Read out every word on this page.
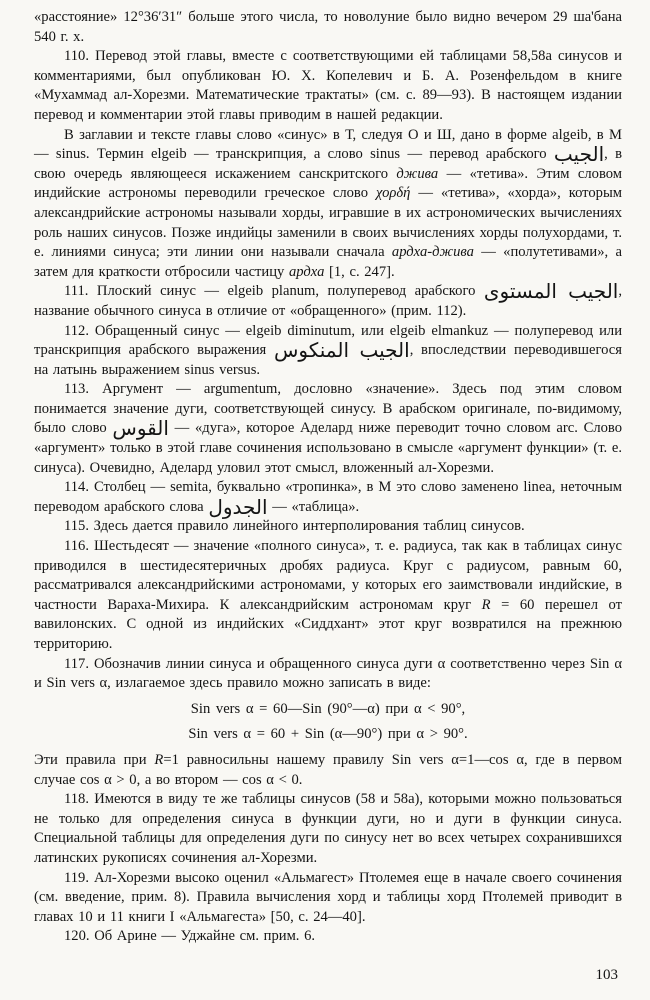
«расстояние» 12°36′31″ больше этого числа, то новолуние было видно вечером 29 ша'бана 540 г. х.

110. Перевод этой главы, вместе с соответствующими ей таблицами 58,58а синусов и комментариями, был опубликован Ю. Х. Копелевич и Б. А. Розенфельдом в книге «Мухаммад ал-Хорезми. Математические трактаты» (см. с. 89—93). В настоящем издании перевод и комментарии этой главы приводим в нашей редакции.

В заглавии и тексте главы слово «синус» в Т, следуя О и Ш, дано в форме algeib, в М — sinus. Термин elgeib — транскрипция, а слово sinus — перевод арабского الجيب, в свою очередь являющееся искажением санскритского джива — «тетива». Этим словом индийские астрономы переводили греческое слово χορδή — «тетива», «хорда», которым александрийские астрономы называли хорды, игравшие в их астрономических вычислениях роль наших синусов. Позже индийцы заменили в своих вычислениях хорды полухордами, т. е. линиями синуса; эти линии они называли сначала ардха-джива — «полутетивами», а затем для краткости отбросили частицу ардха [1, с. 247].

111. Плоский синус — elgeib planum, полуперевод арабского الجيب المستوى, название обычного синуса в отличие от «обращенного» (прим. 112).

112. Обращенный синус — elgeib diminutum, или elgeib elmankuz — полуперевод или транскрипция арабского выражения الجيب المنكوس, впоследствии переводившегося на латынь выражением sinus versus.

113. Аргумент — argumentum, дословно «значение». Здесь под этим словом понимается значение дуги, соответствующей синусу. В арабском оригинале, по-видимому, было слово القوس — «дуга», которое Аделард ниже переводит точно словом arc. Слово «аргумент» только в этой главе сочинения использовано в смысле «аргумент функции» (т. е. синуса). Очевидно, Аделард уловил этот смысл, вложенный ал-Хорезми.

114. Столбец — semita, буквально «тропинка», в М это слово заменено linea, неточным переводом арабского слова الجدول — «таблица».

115. Здесь дается правило линейного интерполирования таблиц синусов.

116. Шестьдесят — значение «полного синуса», т. е. радиуса, так как в таблицах синус приводился в шестидесятеричных дробях радиуса. Круг с радиусом, равным 60, рассматривался александрийскими астрономами, у которых его заимствовали индийские, в частности Вараха-Михира. К александрийским астрономам круг R = 60 перешел от вавилонских. С одной из индийских «Сиддхант» этот круг возвратился на прежнюю территорию.

117. Обозначив линии синуса и обращенного синуса дуги α соответственно через Sin α и Sin vers α, излагаемое здесь правило можно записать в виде:

Sin vers α = 60—Sin (90°—α) при α < 90°,

Sin vers α = 60 + Sin (α—90°) при α > 90°.

Эти правила при R=1 равносильны нашему правилу Sin vers α=1—cos α, где в первом случае cos α > 0, а во втором — cos α < 0.

118. Имеются в виду те же таблицы синусов (58 и 58а), которыми можно пользоваться не только для определения синуса в функции дуги, но и дуги в функции синуса. Специальной таблицы для определения дуги по синусу нет во всех четырех сохранившихся латинских рукописях сочинения ал-Хорезми.

119. Ал-Хорезми высоко оценил «Альмагест» Птолемея еще в начале своего сочинения (см. введение, прим. 8). Правила вычисления хорд и таблицы хорд Птолемей приводит в главах 10 и 11 книги I «Альмагеста» [50, с. 24—40].

120. Об Арине — Уджайне см. прим. 6.

103
